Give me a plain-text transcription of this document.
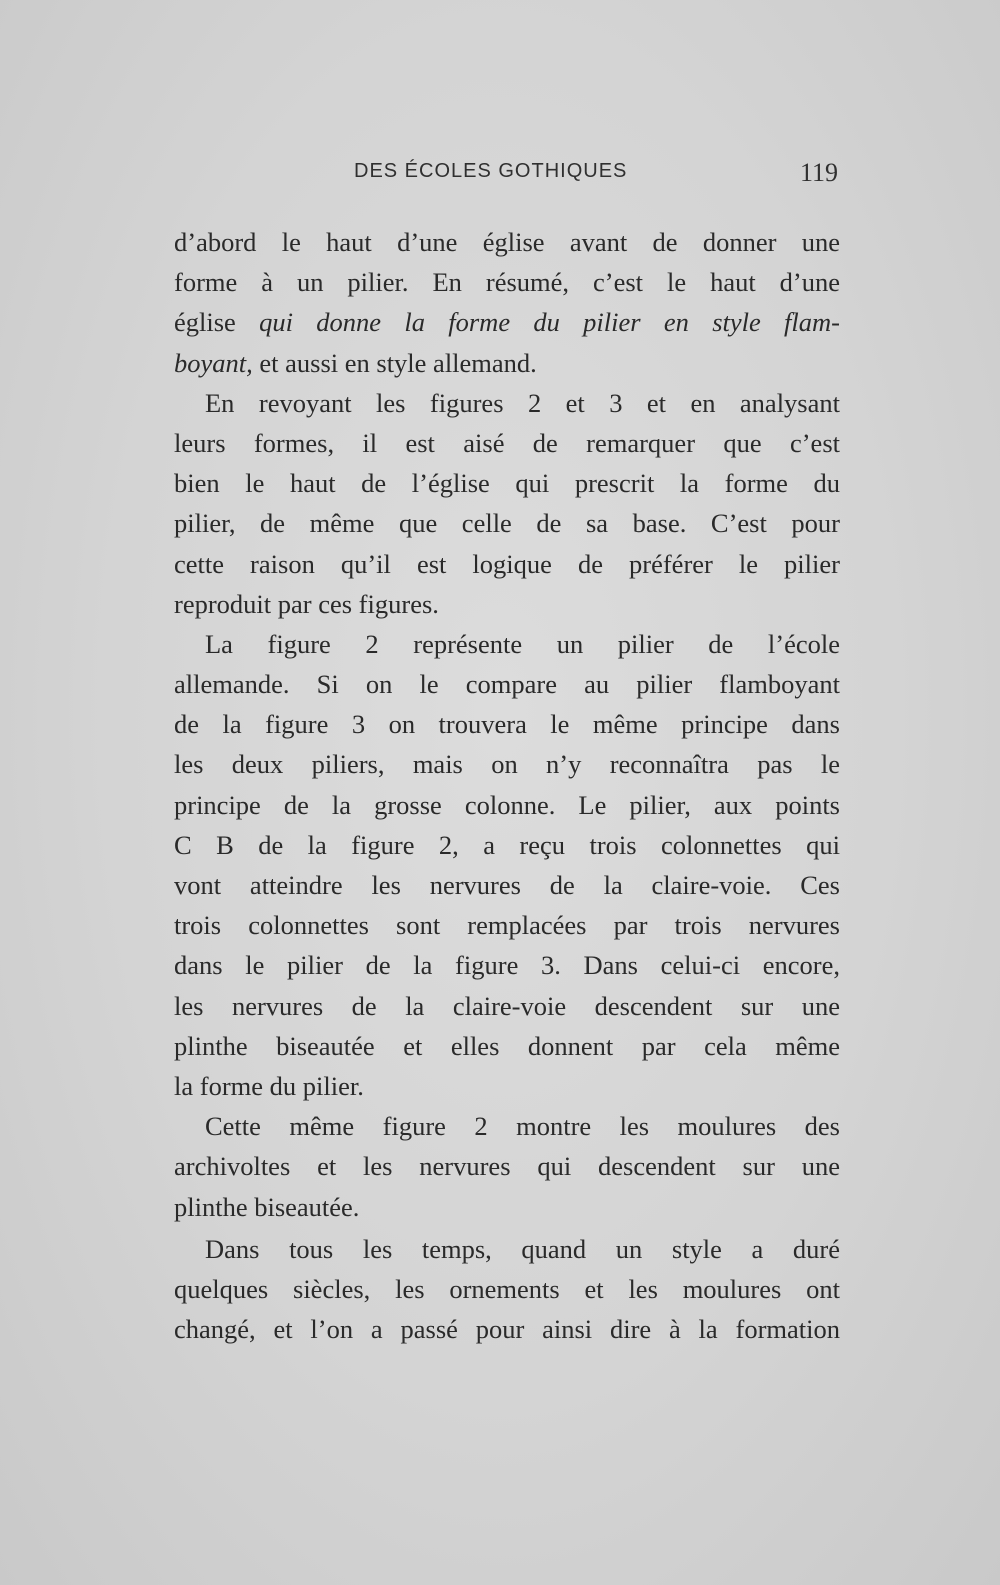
DES ÉCOLES GOTHIQUES	119
d’abord le haut d’une église avant de donner une
forme à un pilier. En résumé, c’est le haut d’une
église qui donne la forme du pilier en style flam-
boyant, et aussi en style allemand.
En revoyant les figures 2 et 3 et en analysant
leurs formes, il est aisé de remarquer que c’est
bien le haut de l’église qui prescrit la forme du
pilier, de même que celle de sa base. C’est pour
cette raison qu’il est logique de préférer le pilier
reproduit par ces figures.
La figure 2 représente un pilier de l’école
allemande. Si on le compare au pilier flamboyant
de la figure 3 on trouvera le même principe dans
les deux piliers, mais on n’y reconnaîtra pas le
principe de la grosse colonne. Le pilier, aux points
C B de la figure 2, a reçu trois colonnettes qui
vont atteindre les nervures de la claire-voie. Ces
trois colonnettes sont remplacées par trois nervures
dans le pilier de la figure 3. Dans celui-ci encore,
les nervures de la claire-voie descendent sur une
plinthe biseautée et elles donnent par cela même
la forme du pilier.
Cette même figure 2 montre les moulures des
archivoltes et les nervures qui descendent sur une
plinthe biseautée.
Dans tous les temps, quand un style a duré
quelques siècles, les ornements et les moulures ont
changé, et l’on a passé pour ainsi dire à la formation
